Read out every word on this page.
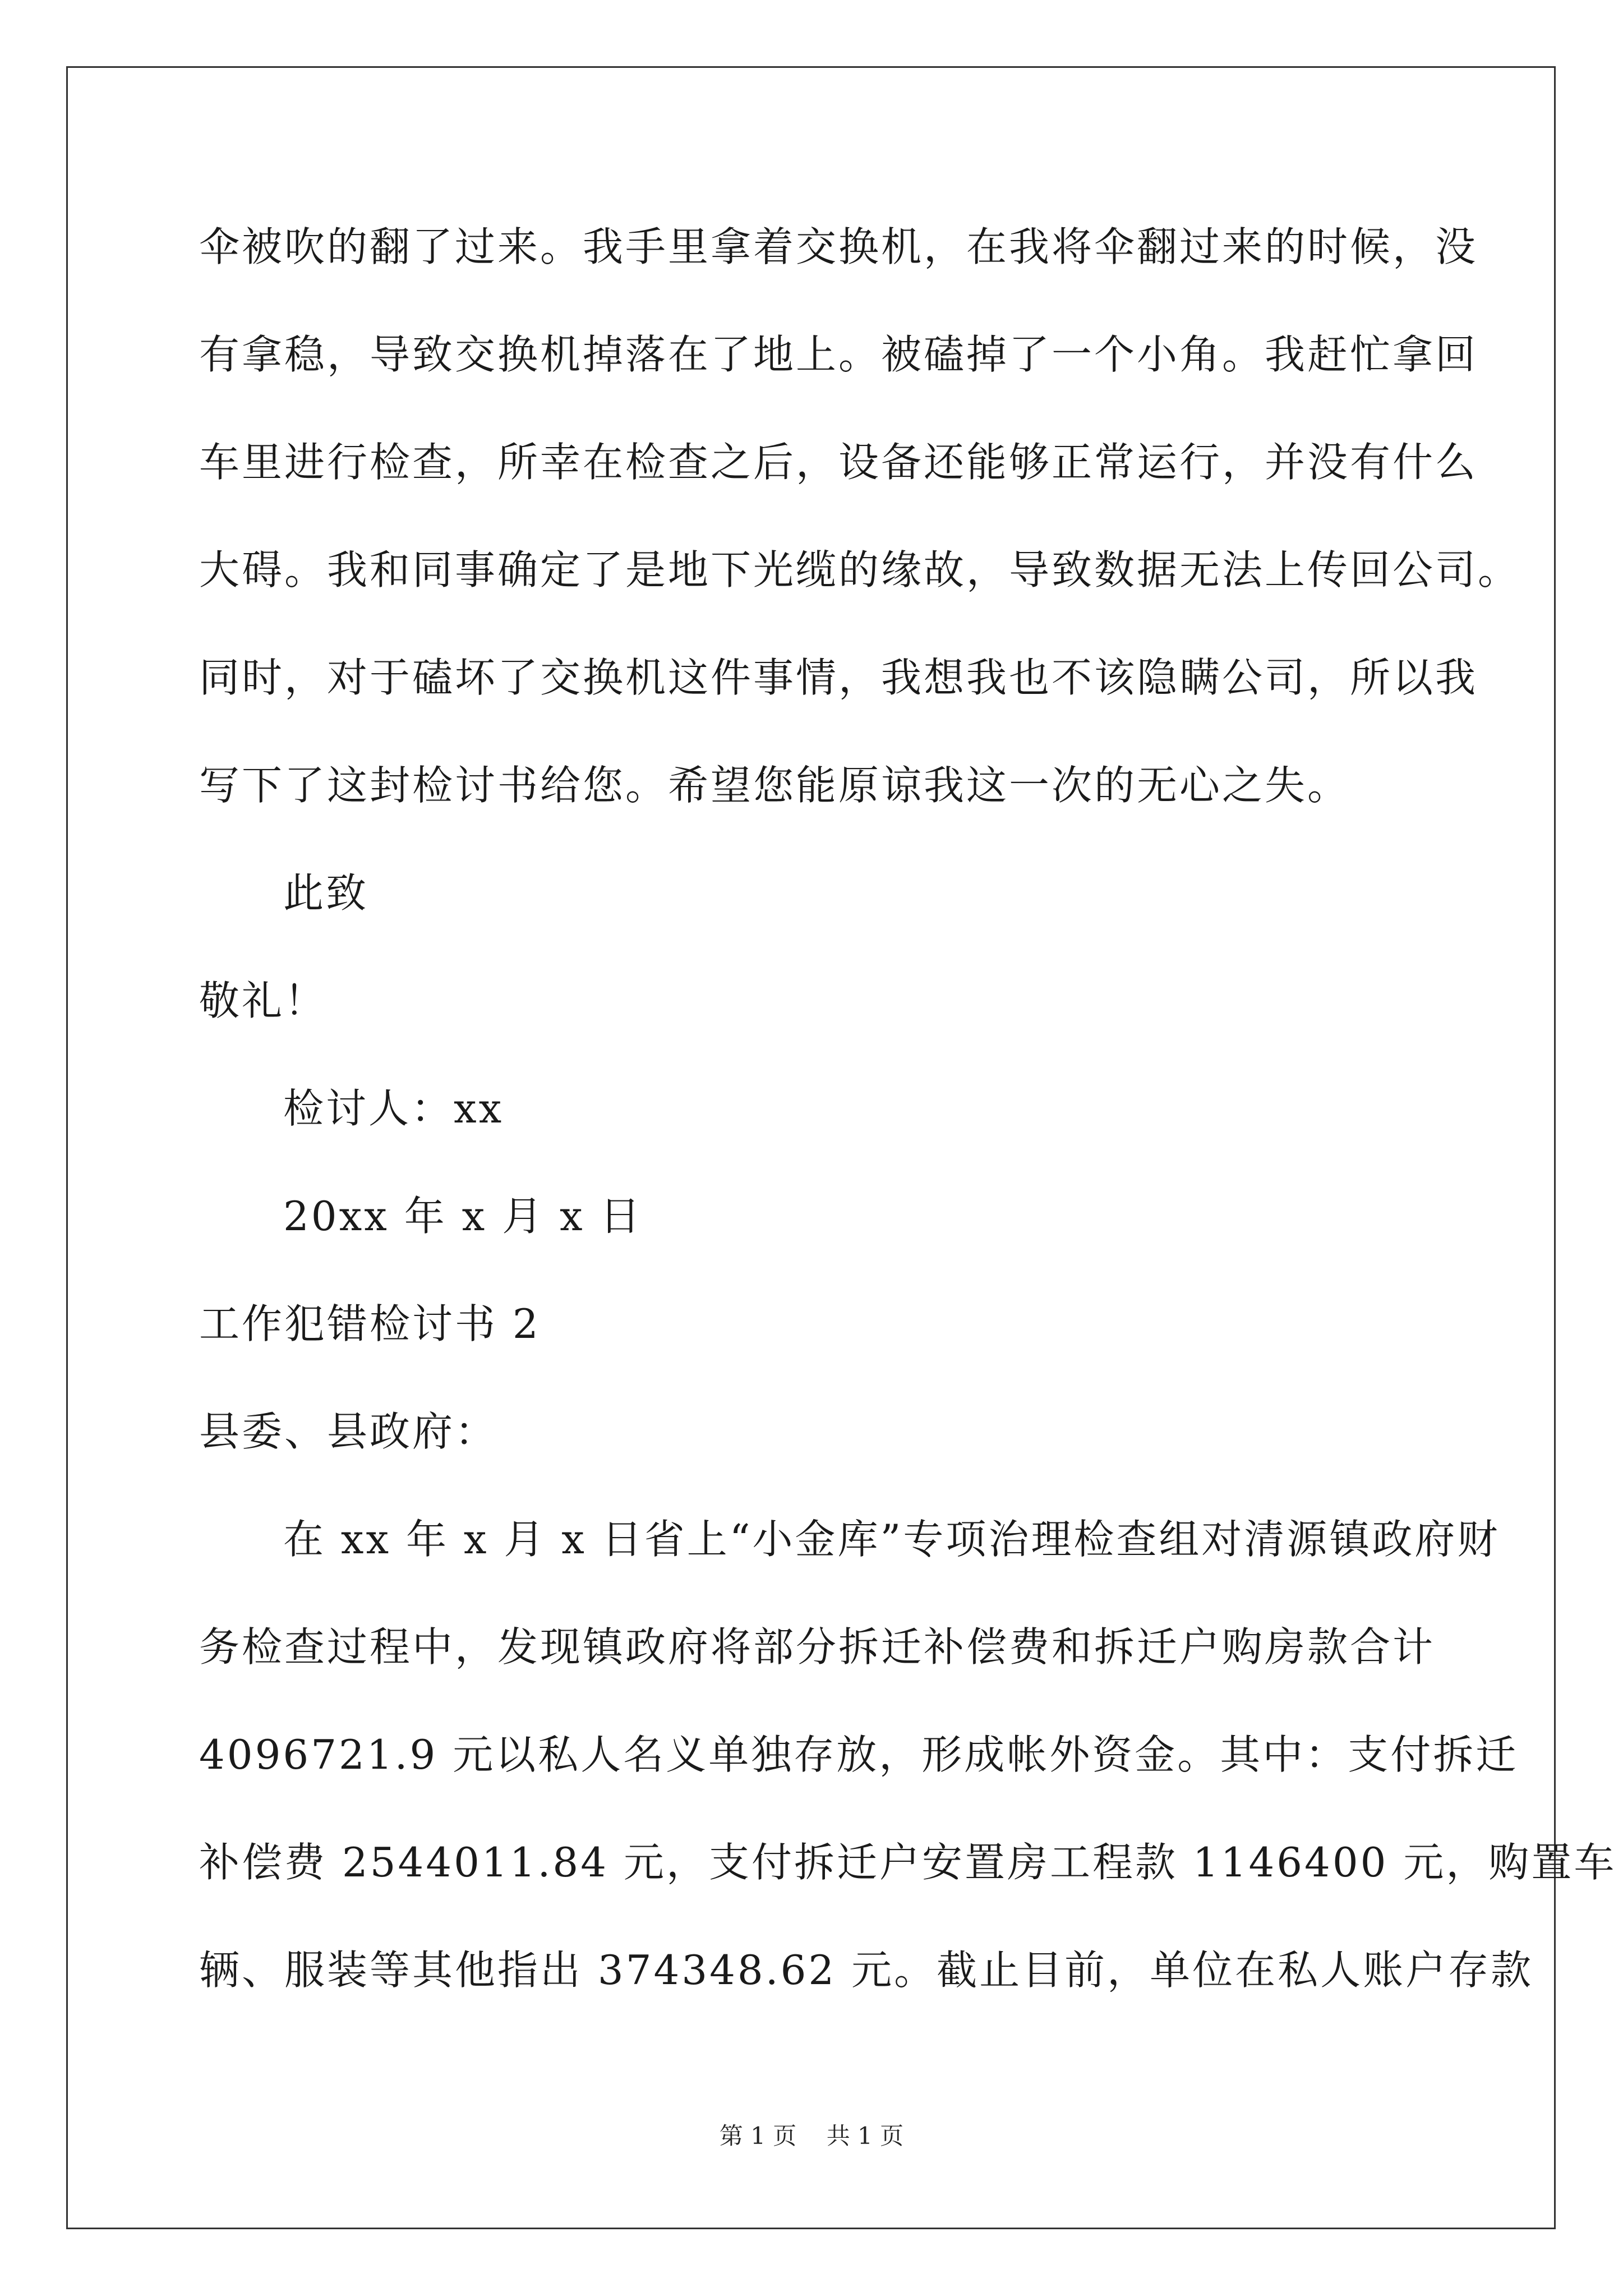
伞被吹的翻了过来。我手里拿着交换机，在我将伞翻过来的时候，没
有拿稳，导致交换机掉落在了地上。被磕掉了一个小角。我赶忙拿回
车里进行检查，所幸在检查之后，设备还能够正常运行，并没有什么
大碍。我和同事确定了是地下光缆的缘故，导致数据无法上传回公司。
同时，对于磕坏了交换机这件事情，我想我也不该隐瞒公司，所以我
写下了这封检讨书给您。希望您能原谅我这一次的无心之失。
此致
敬礼！
检讨人：xx
20xx 年 x 月 x 日
工作犯错检讨书 2
县委、县政府：
在 xx 年 x 月 x 日省上“小金库”专项治理检查组对清源镇政府财
务检查过程中，发现镇政府将部分拆迁补偿费和拆迁户购房款合计
4096721.9 元以私人名义单独存放，形成帐外资金。其中：支付拆迁
补偿费 2544011.84 元，支付拆迁户安置房工程款 1146400 元，购置车
辆、服装等其他指出 374348.62 元。截止目前，单位在私人账户存款
第 1 页    共 1 页
